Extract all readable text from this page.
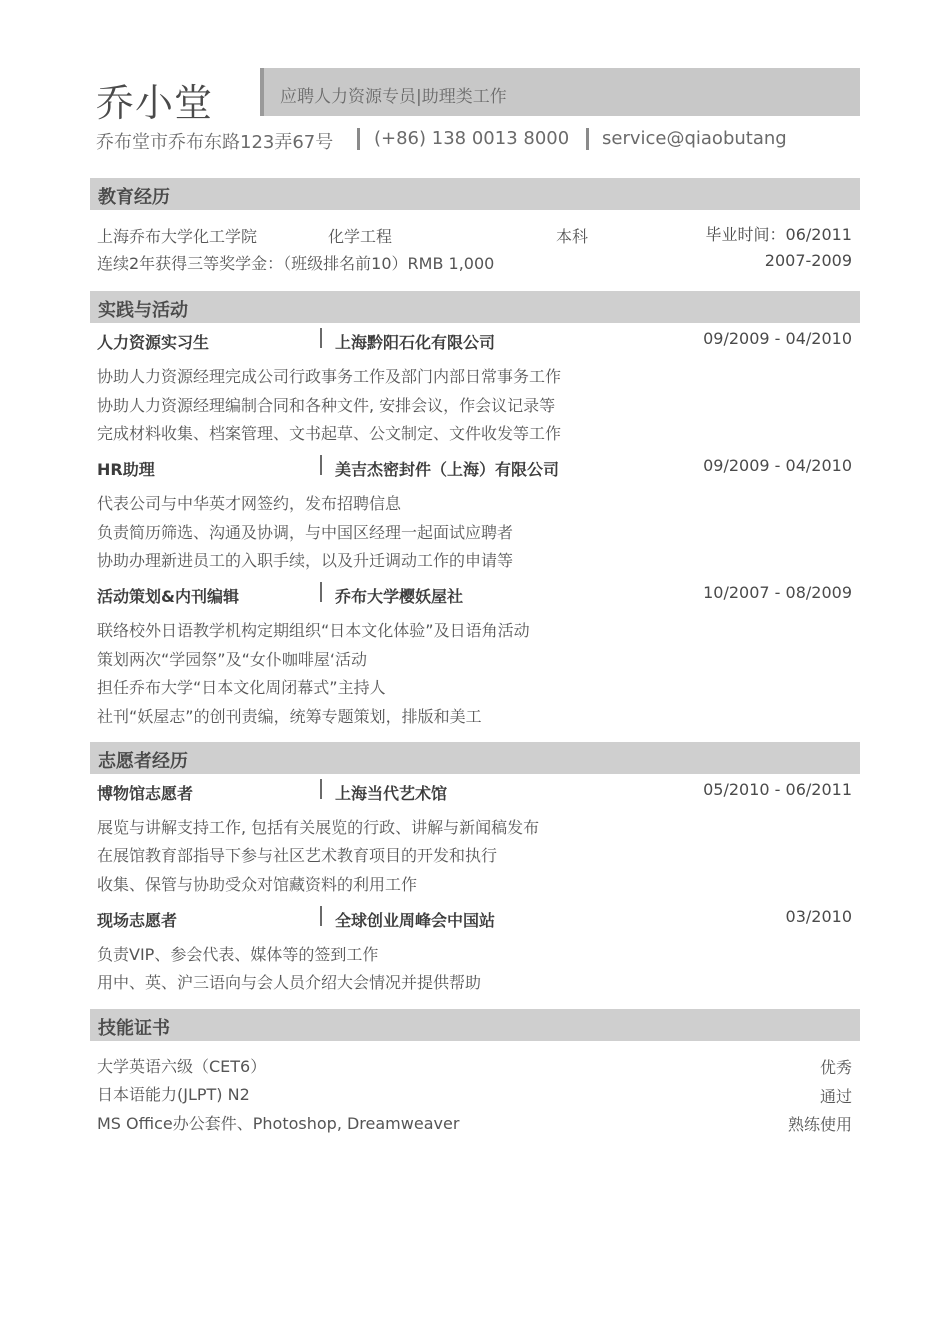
乔小堂	应聘人力资源专员|助理类工作
乔布堂市乔布东路123弄67号 (+86) 138 0013 8000 service@qiaobutang
教育经历
上海乔布大学化工学院	化学工程	本科	毕业时间：06/2011
连续2年获得三等奖学金：（班级排名前10）RMB 1,000	2007-2009
实践与活动
人力资源实习生	上海黔阳石化有限公司	09/2009 - 04/2010
协助人力资源经理完成公司行政事务工作及部门内部日常事务工作
协助人力资源经理编制合同和各种文件, 安排会议，作会议记录等
完成材料收集、档案管理、文书起草、公文制定、文件收发等工作
HR助理	美吉杰密封件（上海）有限公司	09/2009 - 04/2010
代表公司与中华英才网签约，发布招聘信息
负责简历筛选、沟通及协调，与中国区经理一起面试应聘者
协助办理新进员工的入职手续，以及升迁调动工作的申请等
活动策划&内刊编辑	乔布大学樱妖屋社	10/2007 - 08/2009
联络校外日语教学机构定期组织“日本文化体验”及日语角活动
策划两次“学园祭”及“女仆咖啡屋‘活动
担任乔布大学“日本文化周闭幕式”主持人
社刊“妖屋志”的创刊责编，统筹专题策划，排版和美工
志愿者经历
博物馆志愿者	上海当代艺术馆	05/2010 - 06/2011
展览与讲解支持工作, 包括有关展览的行政、讲解与新闻稿发布
在展馆教育部指导下参与社区艺术教育项目的开发和执行
收集、保管与协助受众对馆藏资料的利用工作
现场志愿者	全球创业周峰会中国站	03/2010
负责VIP、参会代表、媒体等的签到工作
用中、英、沪三语向与会人员介绍大会情况并提供帮助
技能证书
大学英语六级（CET6）	优秀
日本语能力(JLPT) N2	通过
MS Office办公套件、Photoshop, Dreamweaver	熟练使用
